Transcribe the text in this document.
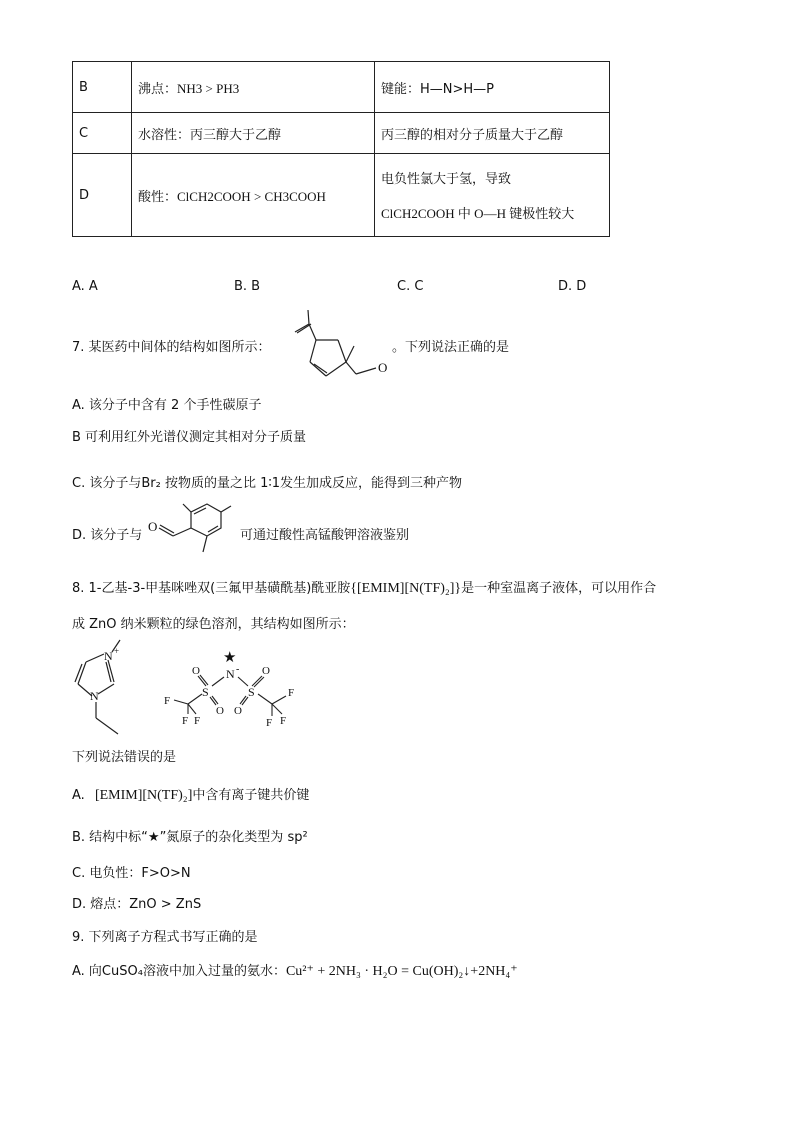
B	沸点：NH3 > PH3	键能：H—N>H—P
C	水溶性：丙三醇大于乙醇	丙三醇的相对分子质量大于乙醇
D	酸性：ClCH2COOH > CH3COOH	电负性氯大于氢，导致
ClCH2COOH 中 O—H 键极性较大
A. A	B. B	C. C	D. D
7. 某医药中间体的结构如图所示：
O
。下列说法正确的是
A. 该分子中含有 2 个手性碳原子
B 可利用红外光谱仪测定其相对分子质量
C. 该分子与Br₂ 按物质的量之比 1∶1发生加成反应，能得到三种产物
D. 该分子与
O
可通过酸性高锰酸钾溶液鉴别
8. 1-乙基-3-甲基咪唑双(三氟甲基磺酰基)酰亚胺{[EMIM][N(TF)₂]}是一种室温离子液体，可以用作合
成 ZnO 纳米颗粒的绿色溶剂，其结构如图所示：
N +
N
★
N -
S	S
O
O
O
O
F
F F
F
F F
下列说法错误的是
A. [EMIM][N(TF)₂]中含有离子键共价键
B. 结构中标“★”氮原子的杂化类型为 sp²
C. 电负性：F>O>N
D. 熔点：ZnO > ZnS
9. 下列离子方程式书写正确的是
A. 向CuSO₄溶液中加入过量的氨水：Cu²⁺ + 2NH₃ · H₂O = Cu(OH)₂↓+2NH₄⁺
